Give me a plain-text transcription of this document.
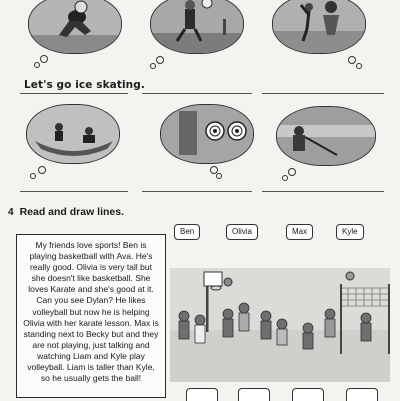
Let's go ice skating.
4 Read and draw lines.
My friends love sports! Ben is playing basketball with Ava. He's really good. Olivia is very tall but she doesn't like basketball. She loves Karate and she's good at it. Can you see Dylan? He likes volleyball but now he is helping Olivia with her karate lesson. Max is standing next to Becky but and they are not playing, just talking and watching Liam and Kyle play volleyball. Liam is taller than Kyle, so he usually gets the ball!
Ben	Olivia	Max	Kyle
